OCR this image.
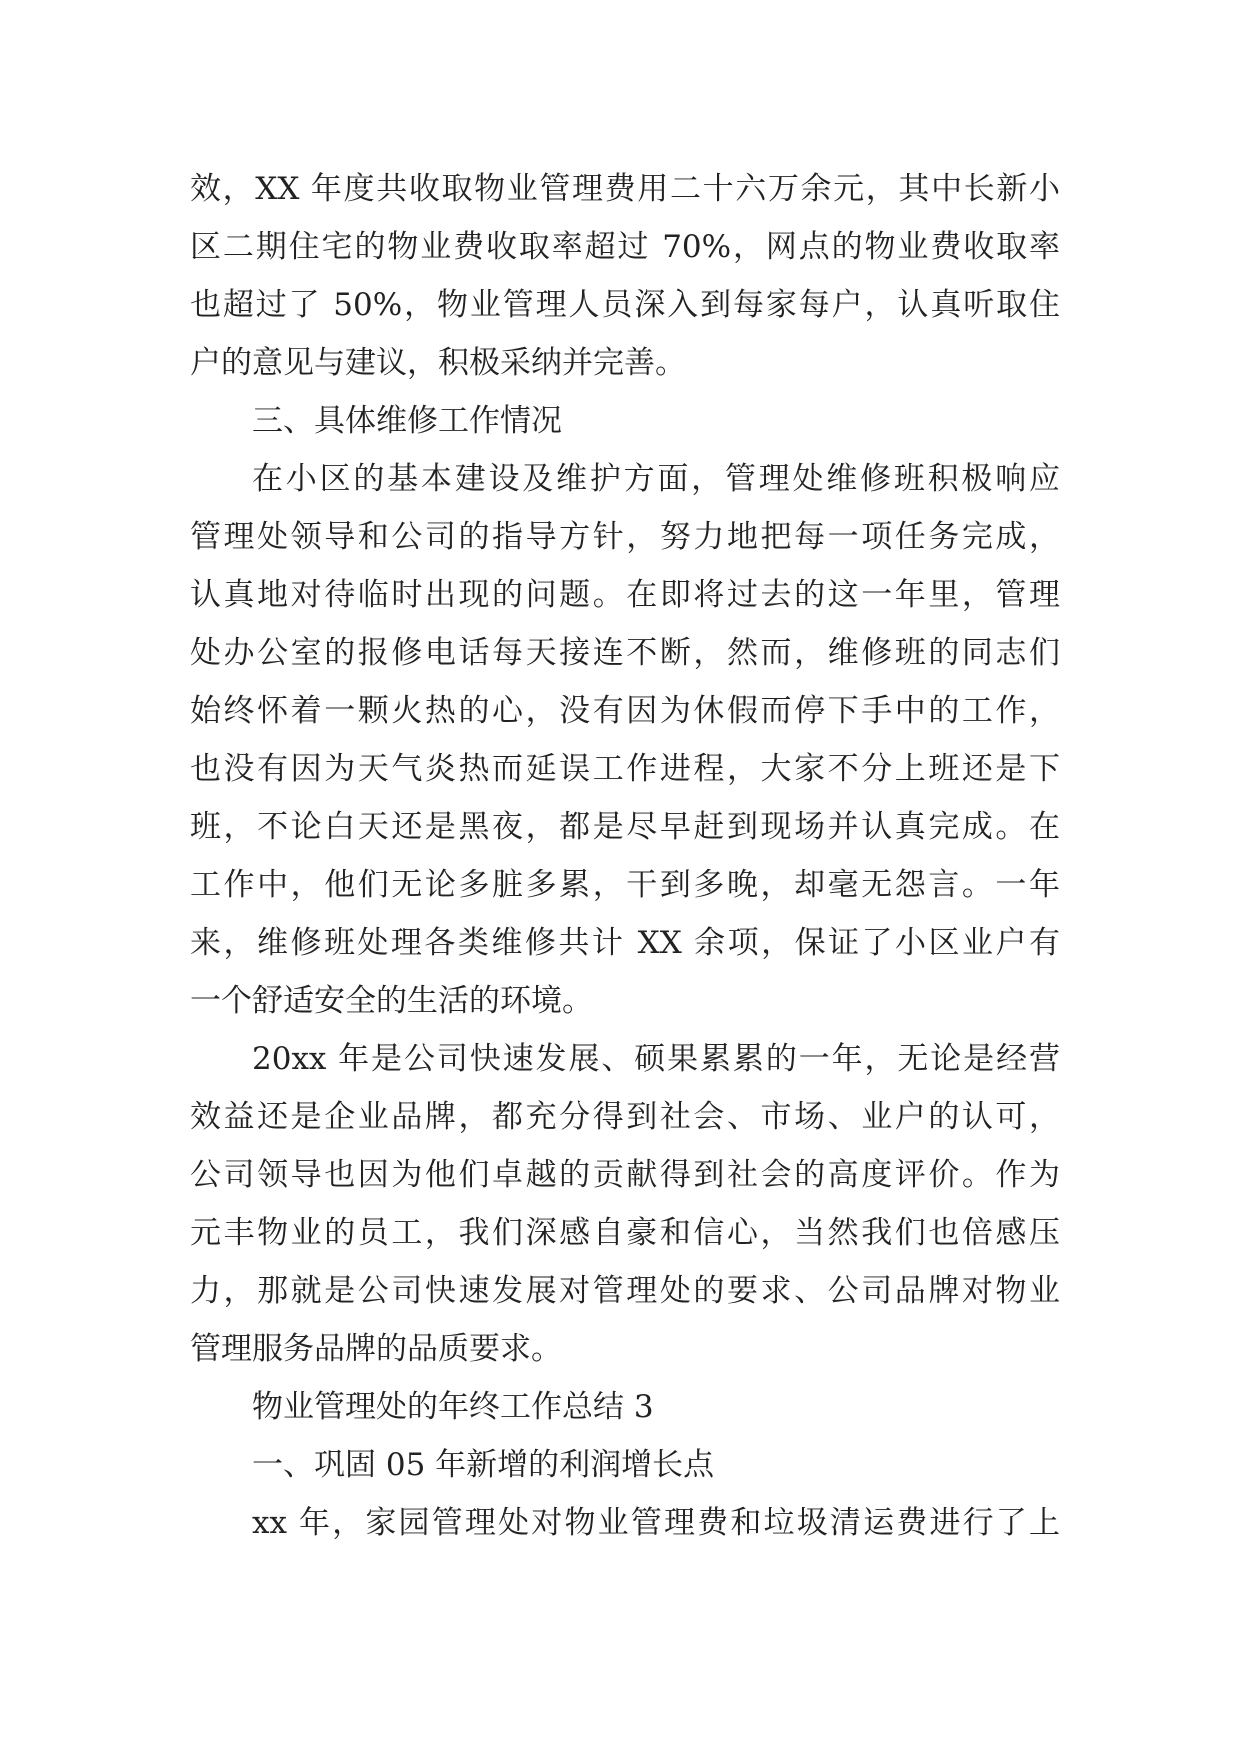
效，XX 年度共收取物业管理费用二十六万余元，其中长新小
区二期住宅的物业费收取率超过 70%，网点的物业费收取率
也超过了 50%，物业管理人员深入到每家每户，认真听取住
户的意见与建议，积极采纳并完善。
三、具体维修工作情况
在小区的基本建设及维护方面，管理处维修班积极响应
管理处领导和公司的指导方针，努力地把每一项任务完成，
认真地对待临时出现的问题。在即将过去的这一年里，管理
处办公室的报修电话每天接连不断，然而，维修班的同志们
始终怀着一颗火热的心，没有因为休假而停下手中的工作，
也没有因为天气炎热而延误工作进程，大家不分上班还是下
班，不论白天还是黑夜，都是尽早赶到现场并认真完成。在
工作中，他们无论多脏多累，干到多晚，却毫无怨言。一年
来，维修班处理各类维修共计 XX 余项，保证了小区业户有
一个舒适安全的生活的环境。
20xx 年是公司快速发展、硕果累累的一年，无论是经营
效益还是企业品牌，都充分得到社会、市场、业户的认可，
公司领导也因为他们卓越的贡献得到社会的高度评价。作为
元丰物业的员工，我们深感自豪和信心，当然我们也倍感压
力，那就是公司快速发展对管理处的要求、公司品牌对物业
管理服务品牌的品质要求。
物业管理处的年终工作总结 3
一、巩固 05 年新增的利润增长点
xx 年，家园管理处对物业管理费和垃圾清运费进行了上
